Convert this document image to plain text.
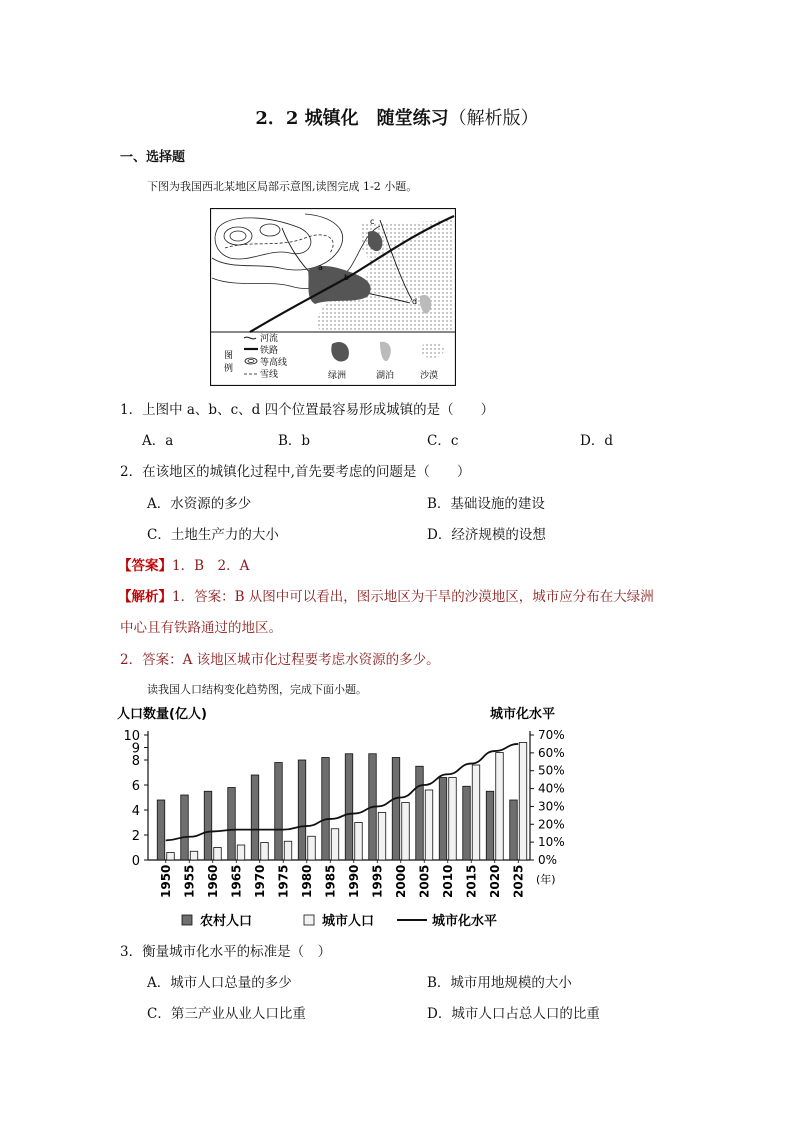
2．2 城镇化　随堂练习（解析版）
一、选择题
下图为我国西北某地区局部示意图,读图完成 1-2 小题。
a
b
c
d
图
例
河流
铁路
等高线
雪线	绿洲	湖泊	沙漠
1．上图中 a、b、c、d 四个位置最容易形成城镇的是（　　）
A．a	B．b	C．c	D．d
2．在该地区的城镇化过程中,首先要考虑的问题是（　　）
A．水资源的多少	B．基础设施的建设
C．土地生产力的大小	D．经济规模的设想
【答案】1．B　2．A
【解析】1．答案：B 从图中可以看出，图示地区为干旱的沙漠地区，城市应分布在大绿洲
中心且有铁路通过的地区。
2．答案：A 该地区城市化过程要考虑水资源的多少。
读我国人口结构变化趋势图，完成下面小题。
人口数量(亿人)	城市化水平
0
2
4
6
8
9
10
0%
10%
20%
30%
40%
50%
60%
70%
1950 1955 1960 1965 1970 1975 1980 1985 1990 1995 2000 2005 2010 2015 2020 2025 (年)
农村人口	城市人口	城市化水平
3．衡量城市化水平的标准是（　）
A．城市人口总量的多少	B．城市用地规模的大小
C．第三产业从业人口比重	D．城市人口占总人口的比重
